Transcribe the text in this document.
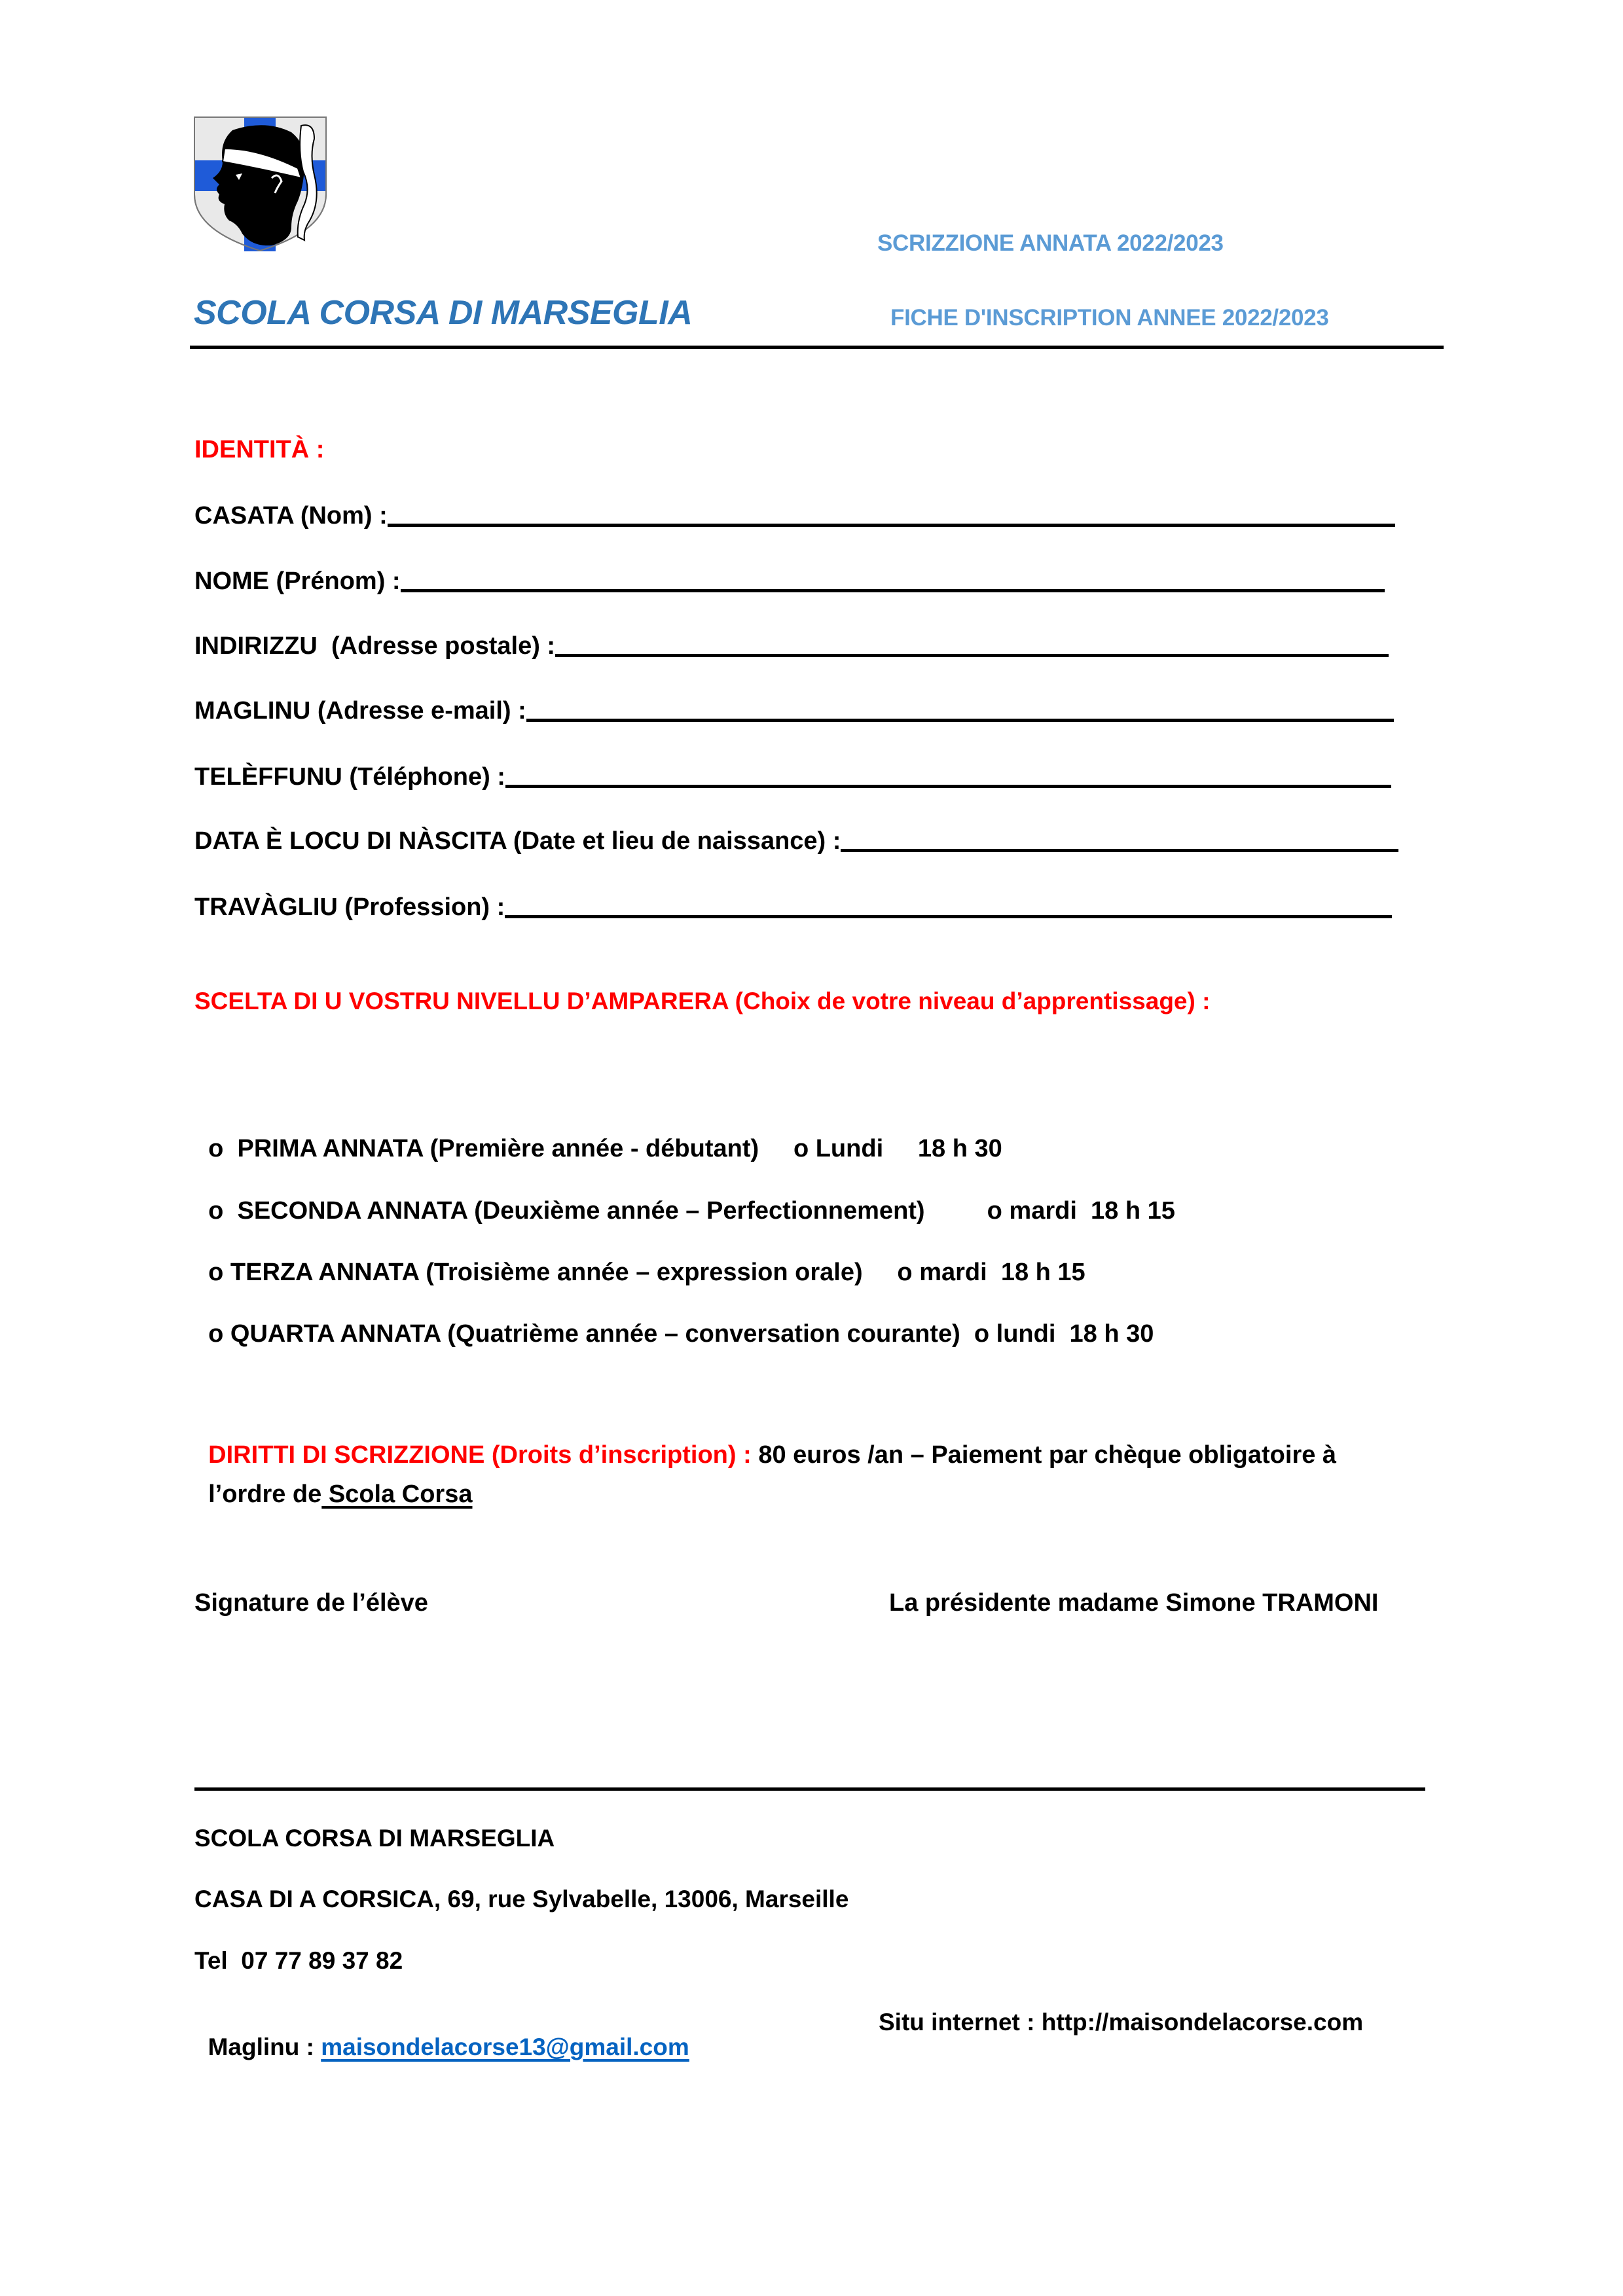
SCOLA CORSA DI MARSEGLIA
SCRIZZIONE ANNATA 2022/2023
FICHE D'INSCRIPTION ANNEE 2022/2023
IDENTITÀ :
CASATA (Nom) :
NOME (Prénom) :
INDIRIZZU  (Adresse postale) :
MAGLINU (Adresse e-mail) :
TELÈFFUNU (Téléphone) :
DATA È LOCU DI NÀSCITA (Date et lieu de naissance) :
TRAVÀGLIU (Profession) :
SCELTA DI U VOSTRU NIVELLU D’AMPARERA (Choix de votre niveau d’apprentissage) :

o PRIMA ANNATA (Première année - débutant) o Lundi 18 h 30

o SECONDA ANNATA (Deuxième année – Perfectionnement)	o mardi 18 h 15

o TERZA ANNATA (Troisième année – expression orale) o mardi 18 h 15

o QUARTA ANNATA (Quatrième année – conversation courante) o lundi 18 h 30

DIRITTI DI SCRIZZIONE (Droits d’inscription) : 80 euros /an – Paiement par chèque obligatoire à

l’ordre de Scola Corsa

Signature de l’élève	La présidente madame Simone TRAMONI
SCOLA CORSA DI MARSEGLIA
CASA DI A CORSICA, 69, rue Sylvabelle, 13006, Marseille
Tel  07 77 89 37 82

Maglinu : maisondelacorse13@gmail.com

Situ internet : http://maisondelacorse.com
